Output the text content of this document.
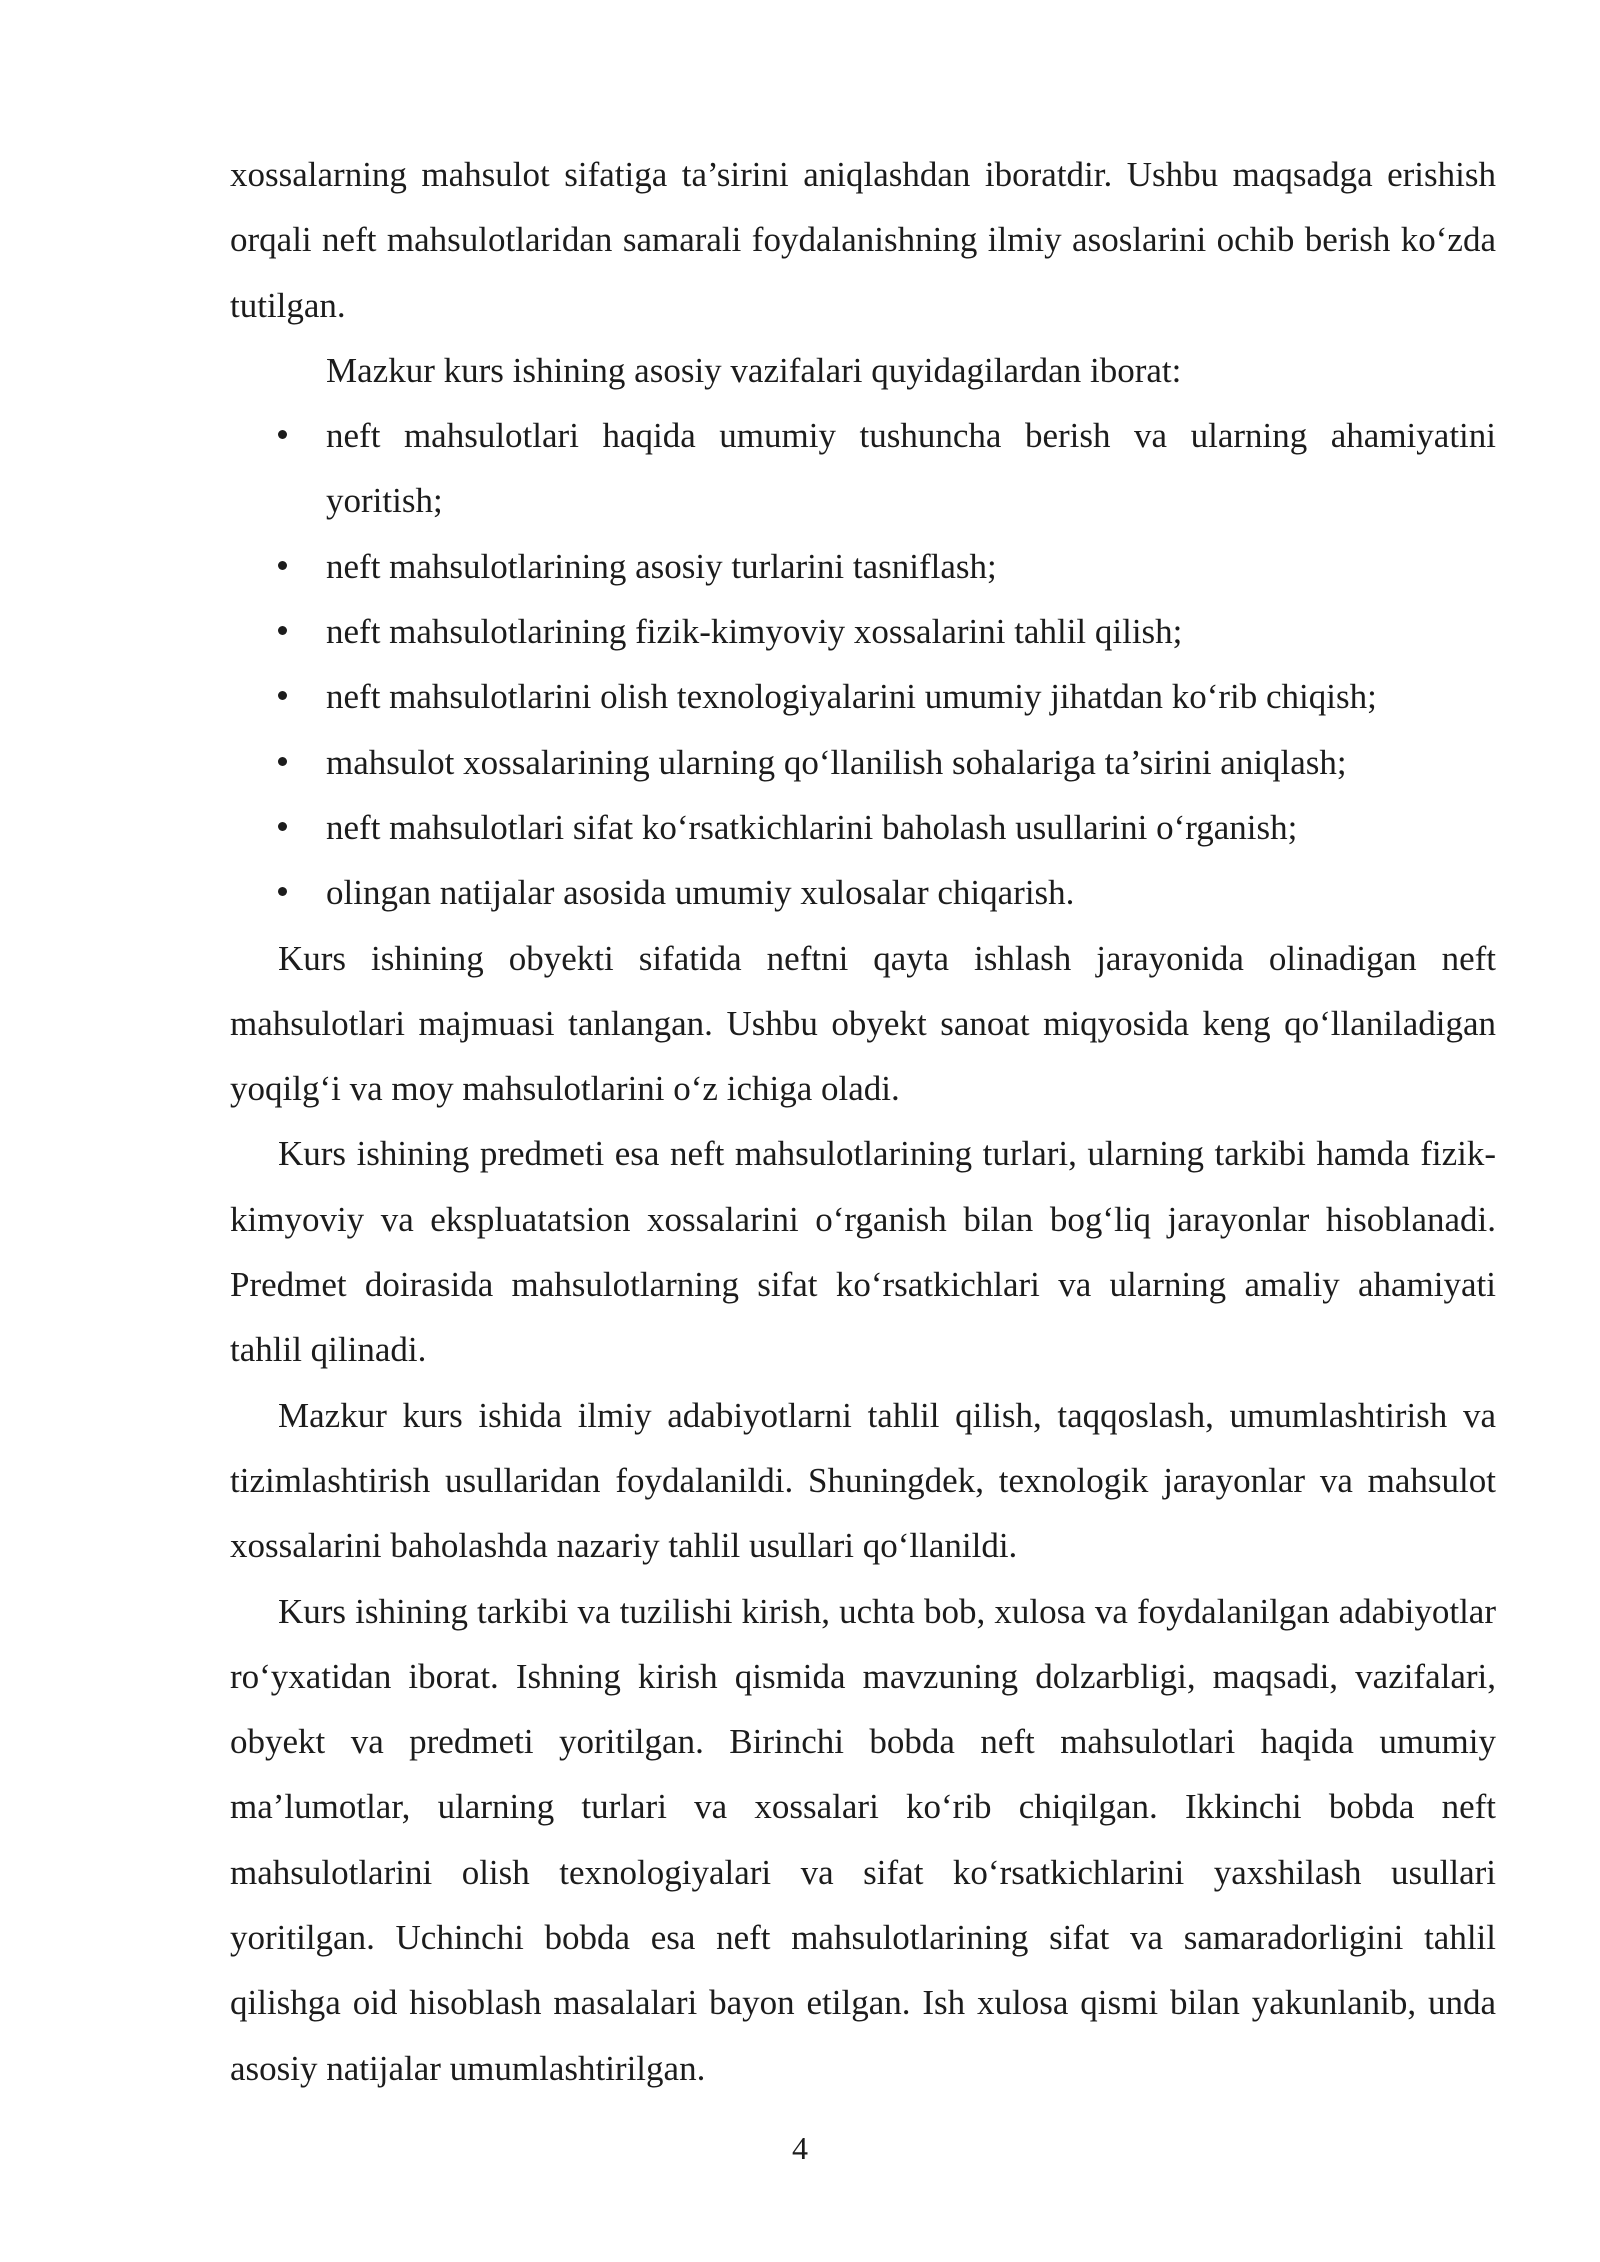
xossalarning mahsulot sifatiga ta’sirini aniqlashdan iboratdir. Ushbu maqsadga erishish orqali neft mahsulotlaridan samarali foydalanishning ilmiy asoslarini ochib berish ko‘zda tutilgan.

Mazkur kurs ishining asosiy vazifalari quyidagilardan iborat:

neft mahsulotlari haqida umumiy tushuncha berish va ularning ahamiyatini yoritish;
neft mahsulotlarining asosiy turlarini tasniflash;
neft mahsulotlarining fizik-kimyoviy xossalarini tahlil qilish;
neft mahsulotlarini olish texnologiyalarini umumiy jihatdan ko‘rib chiqish;
mahsulot xossalarining ularning qo‘llanilish sohalariga ta’sirini aniqlash;
neft mahsulotlari sifat ko‘rsatkichlarini baholash usullarini o‘rganish;
olingan natijalar asosida umumiy xulosalar chiqarish.

Kurs ishining obyekti sifatida neftni qayta ishlash jarayonida olinadigan neft mahsulotlari majmuasi tanlangan. Ushbu obyekt sanoat miqyosida keng qo‘llaniladigan yoqilg‘i va moy mahsulotlarini o‘z ichiga oladi.

Kurs ishining predmeti esa neft mahsulotlarining turlari, ularning tarkibi hamda fizik-kimyoviy va ekspluatatsion xossalarini o‘rganish bilan bog‘liq jarayonlar hisoblanadi. Predmet doirasida mahsulotlarning sifat ko‘rsatkichlari va ularning amaliy ahamiyati tahlil qilinadi.

Mazkur kurs ishida ilmiy adabiyotlarni tahlil qilish, taqqoslash, umumlashtirish va tizimlashtirish usullaridan foydalanildi. Shuningdek, texnologik jarayonlar va mahsulot xossalarini baholashda nazariy tahlil usullari qo‘llanildi.

Kurs ishining tarkibi va tuzilishi kirish, uchta bob, xulosa va foydalanilgan adabiyotlar ro‘yxatidan iborat. Ishning kirish qismida mavzuning dolzarbligi, maqsadi, vazifalari, obyekt va predmeti yoritilgan. Birinchi bobda neft mahsulotlari haqida umumiy ma’lumotlar, ularning turlari va xossalari ko‘rib chiqilgan. Ikkinchi bobda neft mahsulotlarini olish texnologiyalari va sifat ko‘rsatkichlarini yaxshilash usullari yoritilgan. Uchinchi bobda esa neft mahsulotlarining sifat va samaradorligini tahlil qilishga oid hisoblash masalalari bayon etilgan. Ish xulosa qismi bilan yakunlanib, unda asosiy natijalar umumlashtirilgan.

4
